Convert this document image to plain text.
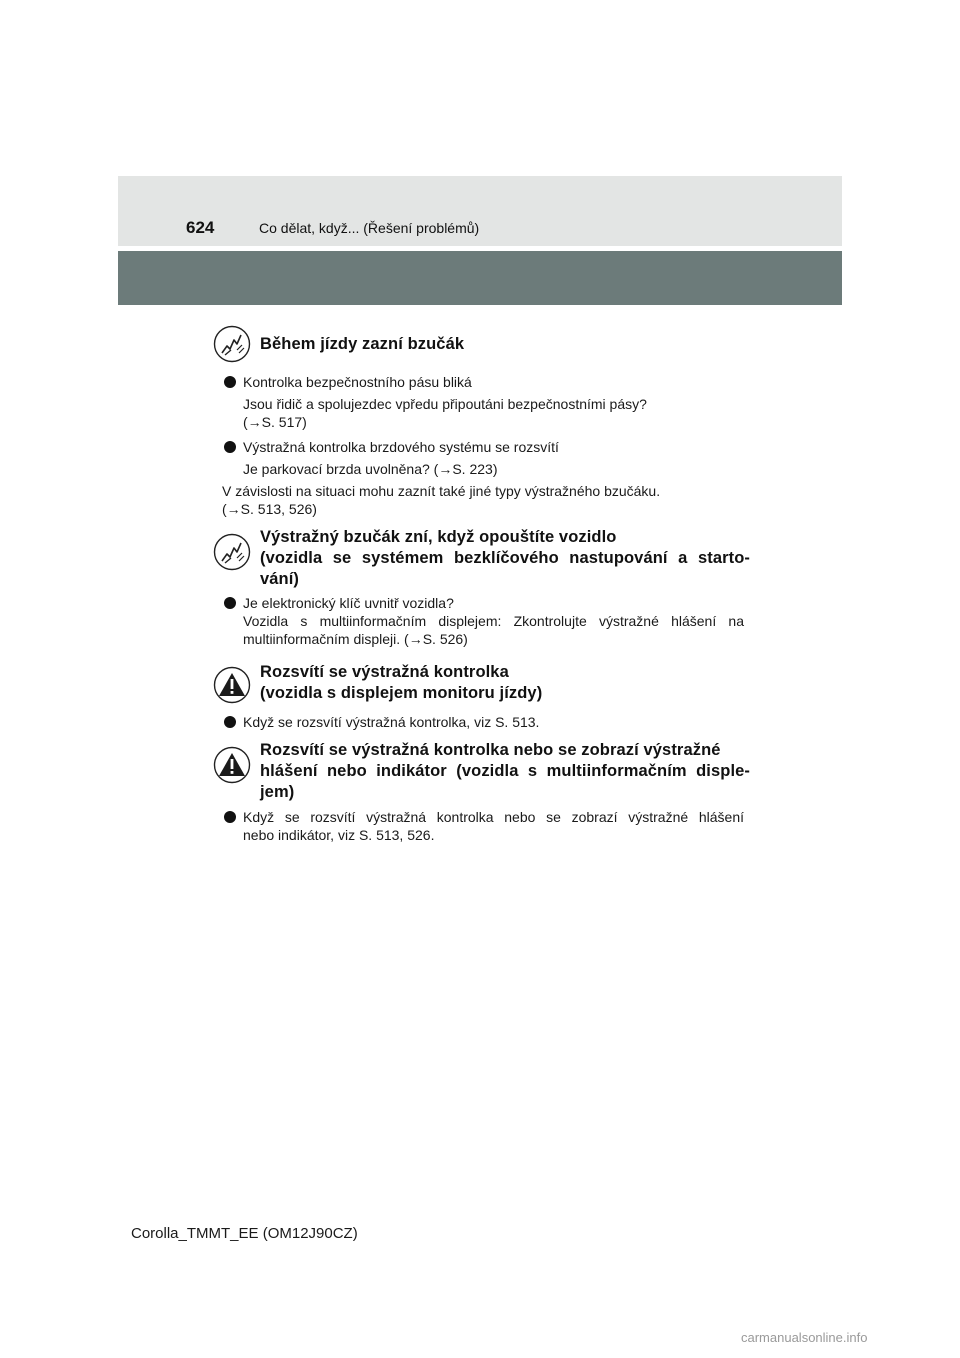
624	Co dělat, když... (Řešení problémů)
Během jízdy zazní bzučák
Kontrolka bezpečnostního pásu bliká
Jsou řidič a spolujezdec vpředu připoutáni bezpečnostními pásy?
(→S. 517)
Výstražná kontrolka brzdového systému se rozsvítí
Je parkovací brzda uvolněna? (→S. 223)
V závislosti na situaci mohu zaznít také jiné typy výstražného bzučáku.
(→S. 513, 526)
Výstražný bzučák zní, když opouštíte vozidlo
(vozidla se systémem bezklíčového nastupování a starto-
vání)
Je elektronický klíč uvnitř vozidla?
Vozidla s multiinformačním displejem: Zkontrolujte výstražné hlášení na
multiinformačním displeji. (→S. 526)
Rozsvítí se výstražná kontrolka
(vozidla s displejem monitoru jízdy)
Když se rozsvítí výstražná kontrolka, viz S. 513.
Rozsvítí se výstražná kontrolka nebo se zobrazí výstražné
hlášení nebo indikátor (vozidla s multiinformačním disple-
jem)
Když se rozsvítí výstražná kontrolka nebo se zobrazí výstražné hlášení
nebo indikátor, viz S. 513, 526.
Corolla_TMMT_EE (OM12J90CZ)
carmanualsonline.info
